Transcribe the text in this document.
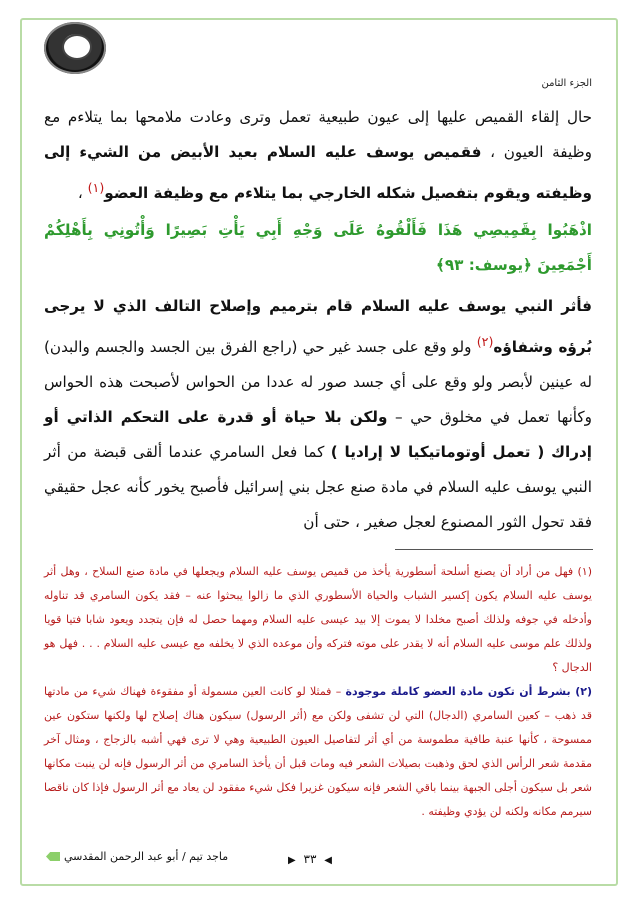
الجزء الثامن

حال إلقاء القميص عليها إلى عيون طبيعية تعمل وترى وعادت ملامحها بما يتلاءم مع وظيفة العيون ، فقميص يوسف عليه السلام بعيد الأبيض من الشيء إلى وظيفته ويقوم بتفصيل شكله الخارجي بما يتلاءم مع وظيفة العضو$^{(١)}$ ،

اذْهَبُوا بِقَمِيصِي هَذَا فَأَلْقُوهُ عَلَى وَجْهِ أَبِي يَأْتِ بَصِيرًا وَأْتُونِي بِأَهْلِكُمْ أَجْمَعِينَ ﴿يوسف: ٩٣﴾

فأثر النبي يوسف عليه السلام قام بترميم وإصلاح التالف الذي لا يرجى بُرؤه وشفاؤه$^{(٢)}$ ولو وقع على جسد غير حي (راجع الفرق بين الجسد والجسم والبدن) له عينين لأبصر ولو وقع على أي جسد صور له عددا من الحواس لأصبحت هذه الحواس وكأنها تعمل في مخلوق حي – ولكن بلا حياة أو قدرة على التحكم الذاتي أو إدراك ( تعمل أوتوماتيكيا لا إراديا ) كما فعل السامري عندما ألقى قبضة من أثر النبي يوسف عليه السلام في مادة صنع عجل بني إسرائيل فأصبح يخور كأنه عجل حقيقي فقد تحول الثور المصنوع لعجل صغير ، حتى أن

(١) فهل من أراد أن يصنع أسلحة أسطورية يأخذ من قميص يوسف عليه السلام ويجعلها في مادة صنع السلاح ، وهل أثر يوسف عليه السلام يكون إكسير الشباب والحياة الأسطوري الذي ما زالوا يبحثوا عنه – فقد يكون السامري قد تناوله وأدخله في جوفه ولذلك أصبح مخلدا لا يموت إلا بيد عيسى عليه السلام ومهما حصل له فإن يتجدد ويعود شابا فتيا قويا ولذلك علم موسى عليه السلام أنه لا يقدر على موته فتركه وأن موعده الذي لا يخلفه مع عيسى عليه السلام . . . فهل هو الدجال ؟

(٢) بشرط أن تكون مادة العضو كاملة موجودة – فمثلا لو كانت العين مسمولة أو مفقوءة فهناك شيء من مادتها قد ذهب – كعين السامري (الدجال) التي لن تشفى ولكن مع (أثر الرسول) سيكون هناك إصلاح لها ولكنها ستكون عين ممسوحة ، كأنها عنبة طافية مطموسة من أي أثر لتفاصيل العيون الطبيعية وهي لا ترى فهي أشبه بالزجاج ، ومثال آخر مقدمة شعر الرأس الذي لحق وذهبت بصيلات الشعر فيه ومات قبل أن يأخذ السامري من أثر الرسول فإنه لن ينبت مكانها شعر بل سيكون أجلى الجبهة بينما باقي الشعر فإنه سيكون غزيرا فكل شيء مفقود لن يعاد مع أثر الرسول فإذا كان ناقصا سيرمم مكانه ولكنه لن يؤدي وظيفته .

◀ ٣٣ ▶
ماجد تيم / أبو عبد الرحمن المقدسي
